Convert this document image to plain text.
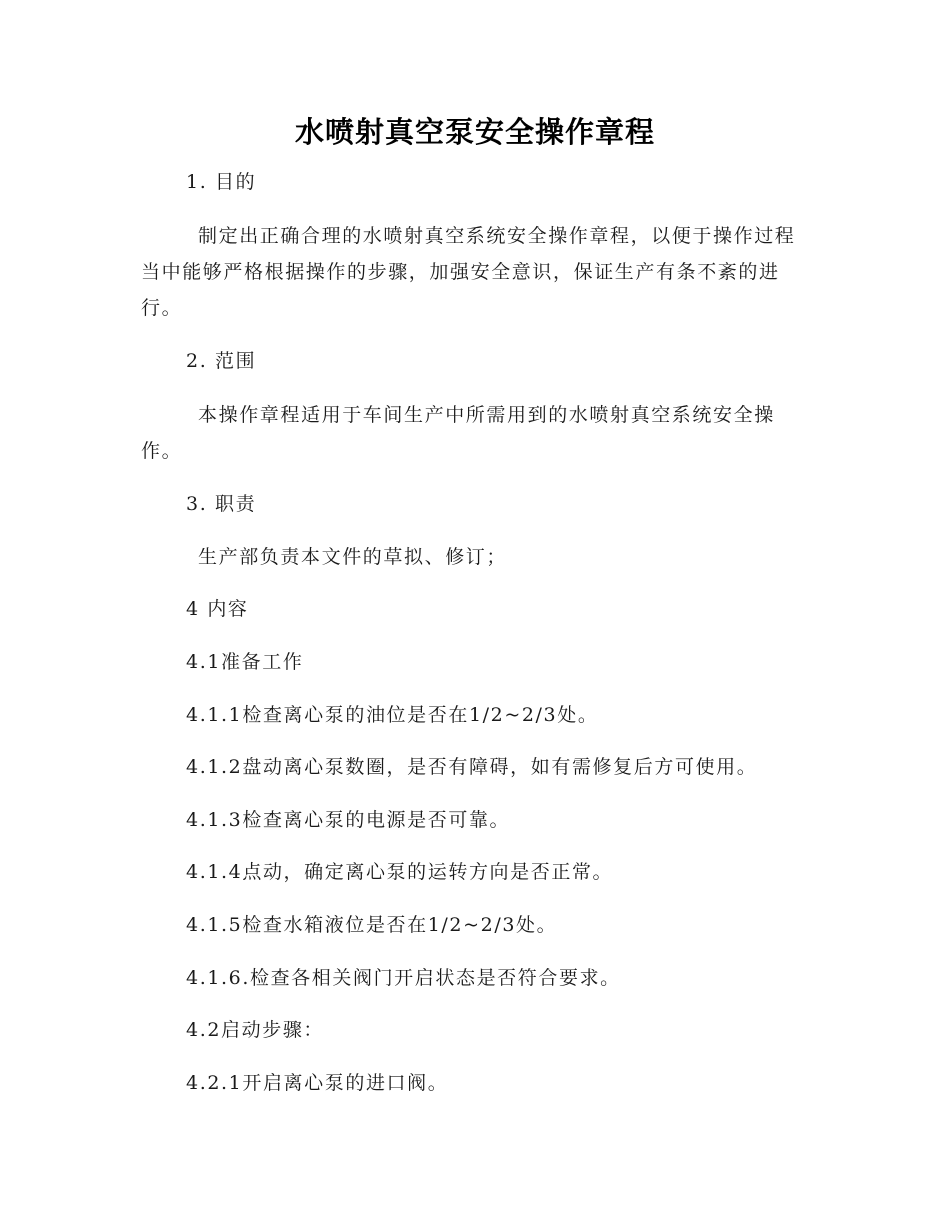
水喷射真空泵安全操作章程
1. 目的
制定出正确合理的水喷射真空系统安全操作章程，以便于操作过程当中能够严格根据操作的步骤，加强安全意识，保证生产有条不紊的进行。
2. 范围
本操作章程适用于车间生产中所需用到的水喷射真空系统安全操作。
3. 职责
生产部负责本文件的草拟、修订；
4 内容
4.1准备工作
4.1.1检查离心泵的油位是否在1/2~2/3处。
4.1.2盘动离心泵数圈，是否有障碍，如有需修复后方可使用。
4.1.3检查离心泵的电源是否可靠。
4.1.4点动，确定离心泵的运转方向是否正常。
4.1.5检查水箱液位是否在1/2~2/3处。
4.1.6.检查各相关阀门开启状态是否符合要求。
4.2启动步骤：
4.2.1开启离心泵的进口阀。
